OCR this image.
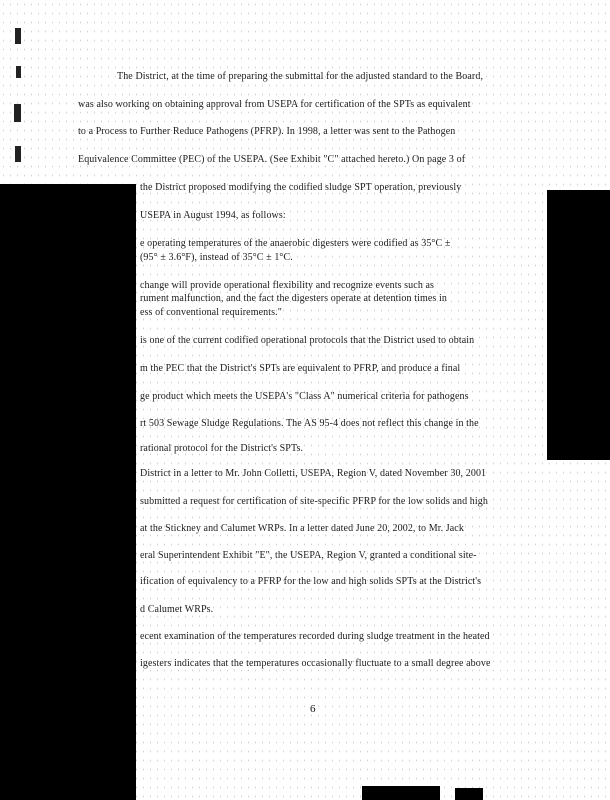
The District, at the time of preparing the submittal for the adjusted standard to the Board,
was also working on obtaining approval from USEPA for certification of the SPTs as equivalent
to a Process to Further Reduce Pathogens (PFRP). In 1998, a letter was sent to the Pathogen
Equivalence Committee (PEC) of the USEPA. (See Exhibit "C" attached hereto.) On page 3 of
the District proposed modifying the codified sludge SPT operation, previously
USEPA in August 1994, as follows:
e operating temperatures of the anaerobic digesters were codified as 35°C ±
(95° ± 3.6°F), instead of 35°C ± 1°C.
change will provide operational flexibility and recognize events such as
rument malfunction, and the fact the digesters operate at detention times in
ess of conventional requirements."
is one of the current codified operational protocols that the District used to obtain
m the PEC that the District's SPTs are equivalent to PFRP, and produce a final
ge product which meets the USEPA's "Class A" numerical criteria for pathogens
rt 503 Sewage Sludge Regulations. The AS 95-4 does not reflect this change in the
rational protocol for the District's SPTs.
District in a letter to Mr. John Colletti, USEPA, Region V, dated November 30, 2001
submitted a request for certification of site-specific PFRP for the low solids and high
at the Stickney and Calumet WRPs. In a letter dated June 20, 2002, to Mr. Jack
eral Superintendent Exhibit "E", the USEPA, Region V, granted a conditional site-
ification of equivalency to a PFRP for the low and high solids SPTs at the District's
d Calumet WRPs.
ecent examination of the temperatures recorded during sludge treatment in the heated
igesters indicates that the temperatures occasionally fluctuate to a small degree above
6
